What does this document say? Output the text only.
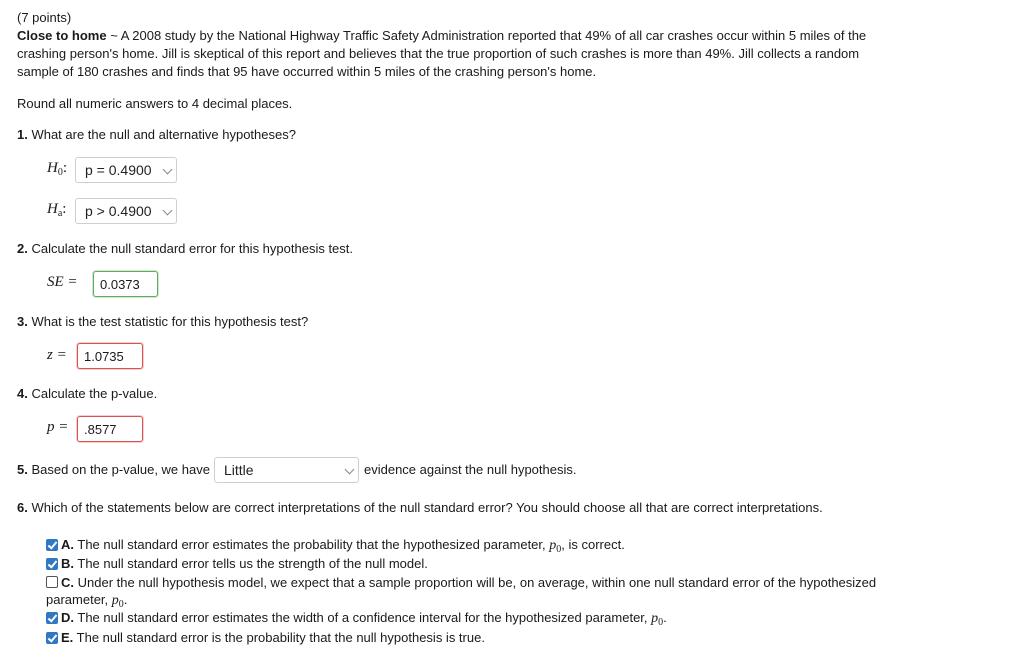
(7 points)
Close to home ~ A 2008 study by the National Highway Traffic Safety Administration reported that 49% of all car crashes occur within 5 miles of the
crashing person's home. Jill is skeptical of this report and believes that the true proportion of such crashes is more than 49%. Jill collects a random
sample of 180 crashes and finds that 95 have occurred within 5 miles of the crashing person's home.
Round all numeric answers to 4 decimal places.
1. What are the null and alternative hypotheses?
$H_0$: p = 0.4900
$H_a$: p > 0.4900
2. Calculate the null standard error for this hypothesis test.
SE =	0.0373
3. What is the test statistic for this hypothesis test?
z =	1.0735
4. Calculate the p-value.
p =	.8577
5. Based on the p-value, we have Little	evidence against the null hypothesis.
6. Which of the statements below are correct interpretations of the null standard error? You should choose all that are correct interpretations.
A. The null standard error estimates the probability that the hypothesized parameter, $p_0$, is correct.
B. The null standard error tells us the strength of the null model.
C. Under the null hypothesis model, we expect that a sample proportion will be, on average, within one null standard error of the hypothesized
parameter, $p_0$.
D. The null standard error estimates the width of a confidence interval for the hypothesized parameter, $p_0$.
E. The null standard error is the probability that the null hypothesis is true.
